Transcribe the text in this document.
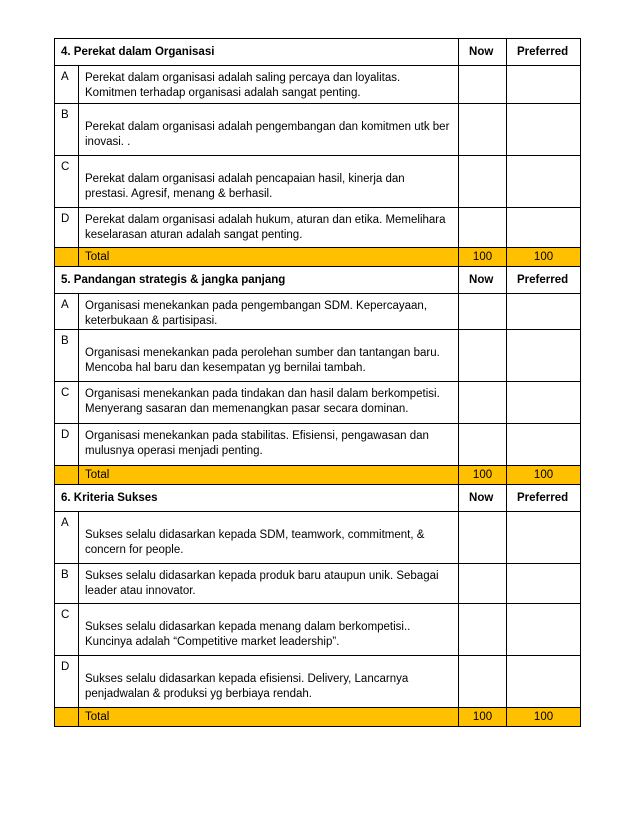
4. Perekat dalam Organisasi		Now	Preferred
A	Perekat dalam organisasi adalah saling percaya dan loyalitas. Komitmen terhadap organisasi adalah sangat penting.		
B	Perekat dalam organisasi adalah pengembangan dan komitmen utk ber inovasi. .		
C	Perekat dalam organisasi adalah pencapaian hasil, kinerja dan prestasi. Agresif, menang & berhasil.		
D	Perekat dalam organisasi adalah hukum, aturan dan etika. Memelihara keselarasan aturan adalah sangat penting.		
	Total	100	100
5. Pandangan strategis & jangka panjang		Now	Preferred
A	Organisasi menekankan pada pengembangan SDM. Kepercayaan, keterbukaan & partisipasi.		
B	Organisasi menekankan pada perolehan sumber dan tantangan baru. Mencoba hal baru dan kesempatan yg bernilai tambah.		
C	Organisasi menekankan pada tindakan dan hasil dalam berkompetisi. Menyerang sasaran dan memenangkan pasar secara dominan.		
D	Organisasi menekankan pada stabilitas. Efisiensi, pengawasan dan mulusnya operasi menjadi penting.		
	Total	100	100
6. Kriteria Sukses		Now	Preferred
A	Sukses selalu didasarkan kepada SDM, teamwork, commitment, & concern for people.		
B	Sukses selalu didasarkan kepada produk baru ataupun unik. Sebagai leader atau innovator.		
C	Sukses selalu didasarkan kepada menang dalam berkompetisi.. Kuncinya adalah “Competitive market leadership”.		
D	Sukses selalu didasarkan kepada efisiensi. Delivery, Lancarnya penjadwalan & produksi yg berbiaya rendah.		
	Total	100	100
